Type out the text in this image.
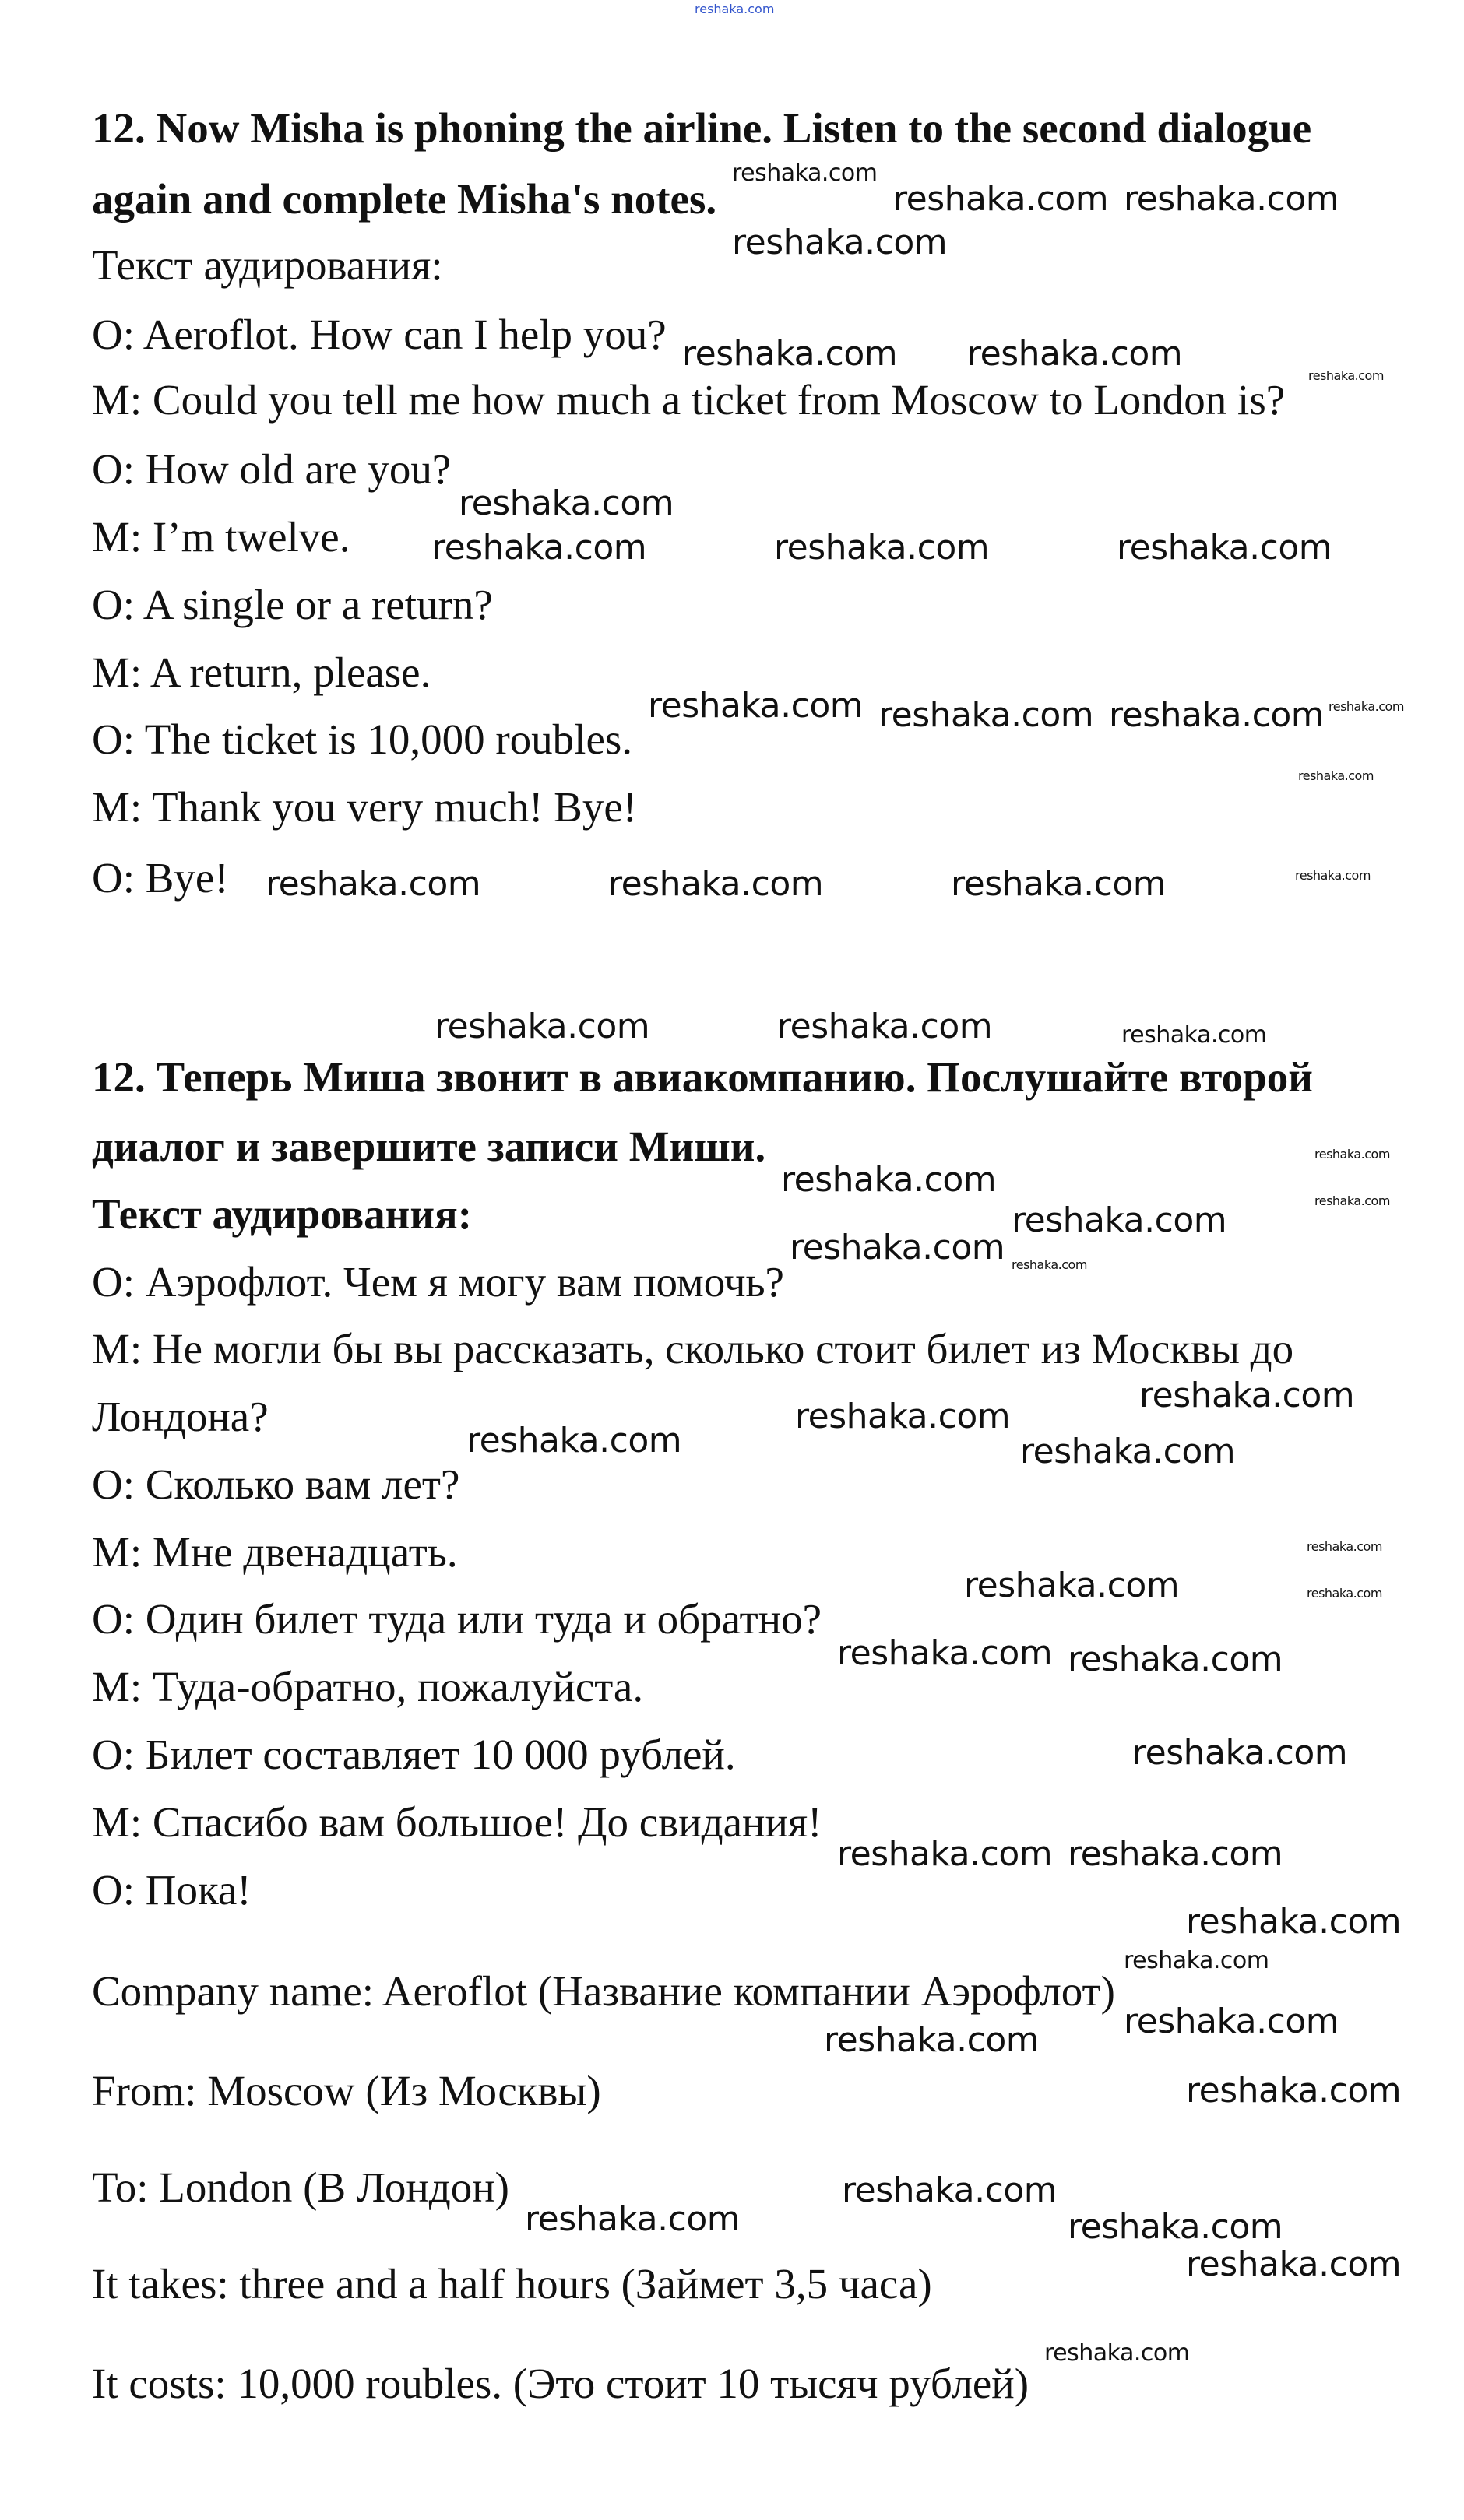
reshaka.com
12. Now Misha is phoning the airline. Listen to the second dialogue
again and complete Misha's notes.
Текст аудирования:
O: Aeroflot. How can I help you?
M: Could you tell me how much a ticket from Moscow to London is?
O: How old are you?
M: I’m twelve.
O: A single or a return?
M: A return, please.
O: The ticket is 10,000 roubles.
M: Thank you very much! Bye!
O: Bye!
12. Теперь Миша звонит в авиакомпанию. Послушайте второй
диалог и завершите записи Миши.
Текст аудирования:
О: Аэрофлот. Чем я могу вам помочь?
М: Не могли бы вы рассказать, сколько стоит билет из Москвы до
Лондона?
О: Сколько вам лет?
М: Мне двенадцать.
О: Один билет туда или туда и обратно?
М: Туда-обратно, пожалуйста.
О: Билет составляет 10 000 рублей.
М: Спасибо вам большое! До свидания!
О: Пока!
Company name: Aeroflot (Название компании Аэрофлот)
From: Moscow (Из Москвы)
To: London (В Лондон)
It takes: three and a half hours (Займет 3,5 часа)
It costs: 10,000 roubles. (Это стоит 10 тысяч рублей)
reshaka.com
reshaka.com reshaka.com
reshaka.com
reshaka.com reshaka.com
reshaka.com
reshaka.com
reshaka.com	reshaka.com	reshaka.com
reshaka.com reshaka.com reshaka.com reshaka.com
reshaka.com
reshaka.com	reshaka.com	reshaka.com	reshaka.com
reshaka.com	reshaka.com	reshaka.com
reshaka.com
reshaka.com
reshaka.com
reshaka.com
reshaka.com
reshaka.com
reshaka.com
reshaka.com
reshaka.com	reshaka.com
reshaka.com
reshaka.com	reshaka.com
reshaka.com reshaka.com
reshaka.com
reshaka.com reshaka.com
reshaka.com
reshaka.com
reshaka.com
reshaka.com
reshaka.com
reshaka.com
reshaka.com	reshaka.com
reshaka.com
reshaka.com
